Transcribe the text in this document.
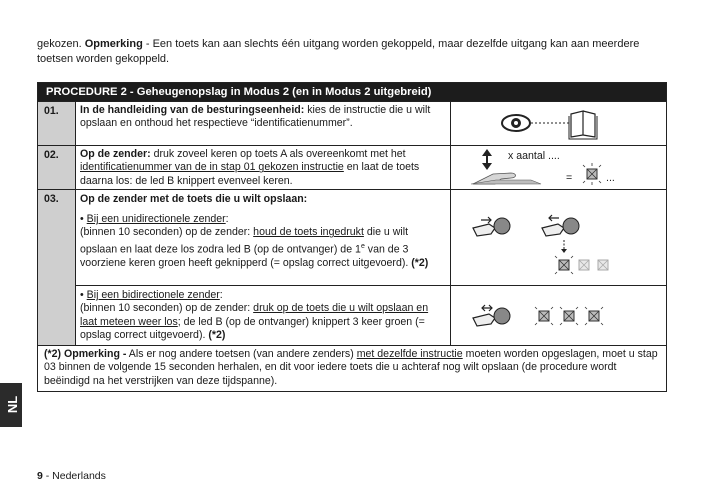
gekozen. Opmerking - Een toets kan aan slechts één uitgang worden gekoppeld, maar dezelfde uitgang kan aan meerdere toetsen worden gekoppeld.
PROCEDURE 2 - Geheugenopslag in Modus 2 (en in Modus 2 uitgebreid)
01.	In de handleiding van de besturingseenheid: kies de instructie die u wilt opslaan en onthoud het respectieve “identificatienummer”.
02.	Op de zender: druk zoveel keren op toets A als overeenkomt met het identificatienummer van de in stap 01 gekozen instructie en laat de toets daarna los: de led B knippert evenveel keren.
x aantal ....
=	...
03.	Op de zender met de toets die u wilt opslaan:
• Bij een unidirectionele zender:
(binnen 10 seconden) op de zender: houd de toets ingedrukt die u wilt opslaan en laat deze los zodra led B (op de ontvanger) de 1e van de 3 voorziene keren groen heeft geknipperd (= opslag correct uitgevoerd). (*2)
• Bij een bidirectionele zender:
(binnen 10 seconden) op de zender: druk op de toets die u wilt opslaan en laat meteen weer los; de led B (op de ontvanger) knippert 3 keer groen (= opslag correct uitgevoerd). (*2)
(*2) Opmerking - Als er nog andere toetsen (van andere zenders) met dezelfde instructie moeten worden opgeslagen, moet u stap 03 binnen de volgende 15 seconden herhalen, en dit voor iedere toets die u achteraf nog wilt opslaan (de procedure wordt beëindigd na het verstrijken van deze tijdspanne).
NL
9 - Nederlands
